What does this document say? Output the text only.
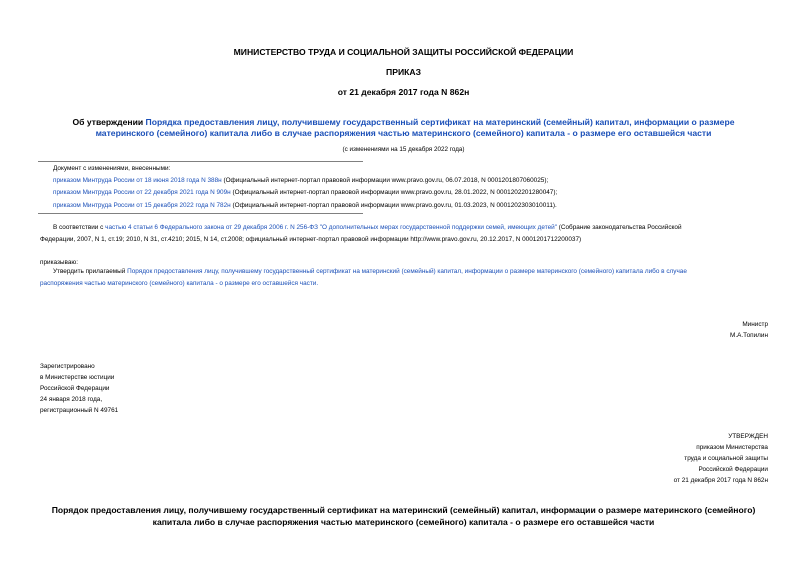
МИНИСТЕРСТВО ТРУДА И СОЦИАЛЬНОЙ ЗАЩИТЫ РОССИЙСКОЙ ФЕДЕРАЦИИ
ПРИКАЗ
от 21 декабря 2017 года N 862н
Об утверждении Порядка предоставления лицу, получившему государственный сертификат на материнский (семейный) капитал, информации о размере
материнского (семейного) капитала либо в случае распоряжения частью материнского (семейного) капитала - о размере его оставшейся части
(с изменениями на 15 декабря 2022 года)
Документ с изменениями, внесенными:
приказом Минтруда России от 18 июня 2018 года N 388н (Официальный интернет-портал правовой информации www.pravo.gov.ru, 06.07.2018, N 0001201807060025);
приказом Минтруда России от 22 декабря 2021 года N 909н (Официальный интернет-портал правовой информации www.pravo.gov.ru, 28.01.2022, N 0001202201280047);
приказом Минтруда России от 15 декабря 2022 года N 782н (Официальный интернет-портал правовой информации www.pravo.gov.ru, 01.03.2023, N 0001202303010011).
В соответствии с частью 4 статьи 6 Федерального закона от 29 декабря 2006 г. N 256-ФЗ "О дополнительных мерах государственной поддержки семей, имеющих детей" (Собрание законодательства Российской
Федерации, 2007, N 1, ст.19; 2010, N 31, ст.4210; 2015, N 14, ст.2008; официальный интернет-портал правовой информации http://www.pravo.gov.ru, 20.12.2017, N 0001201712200037)
приказываю:
Утвердить прилагаемый Порядок предоставления лицу, получившему государственный сертификат на материнский (семейный) капитал, информации о размере материнского (семейного) капитала либо в случае
распоряжения частью материнского (семейного) капитала - о размере его оставшейся части.
Министр
М.А.Топилин
Зарегистрировано
в Министерстве юстиции
Российской Федерации
24 января 2018 года,
регистрационный N 49761
УТВЕРЖДЕН
приказом Министерства
труда и социальной защиты
Российской Федерации
от 21 декабря 2017 года N 862н
Порядок предоставления лицу, получившему государственный сертификат на материнский (семейный) капитал, информации о размере материнского (семейного)
капитала либо в случае распоряжения частью материнского (семейного) капитала - о размере его оставшейся части
